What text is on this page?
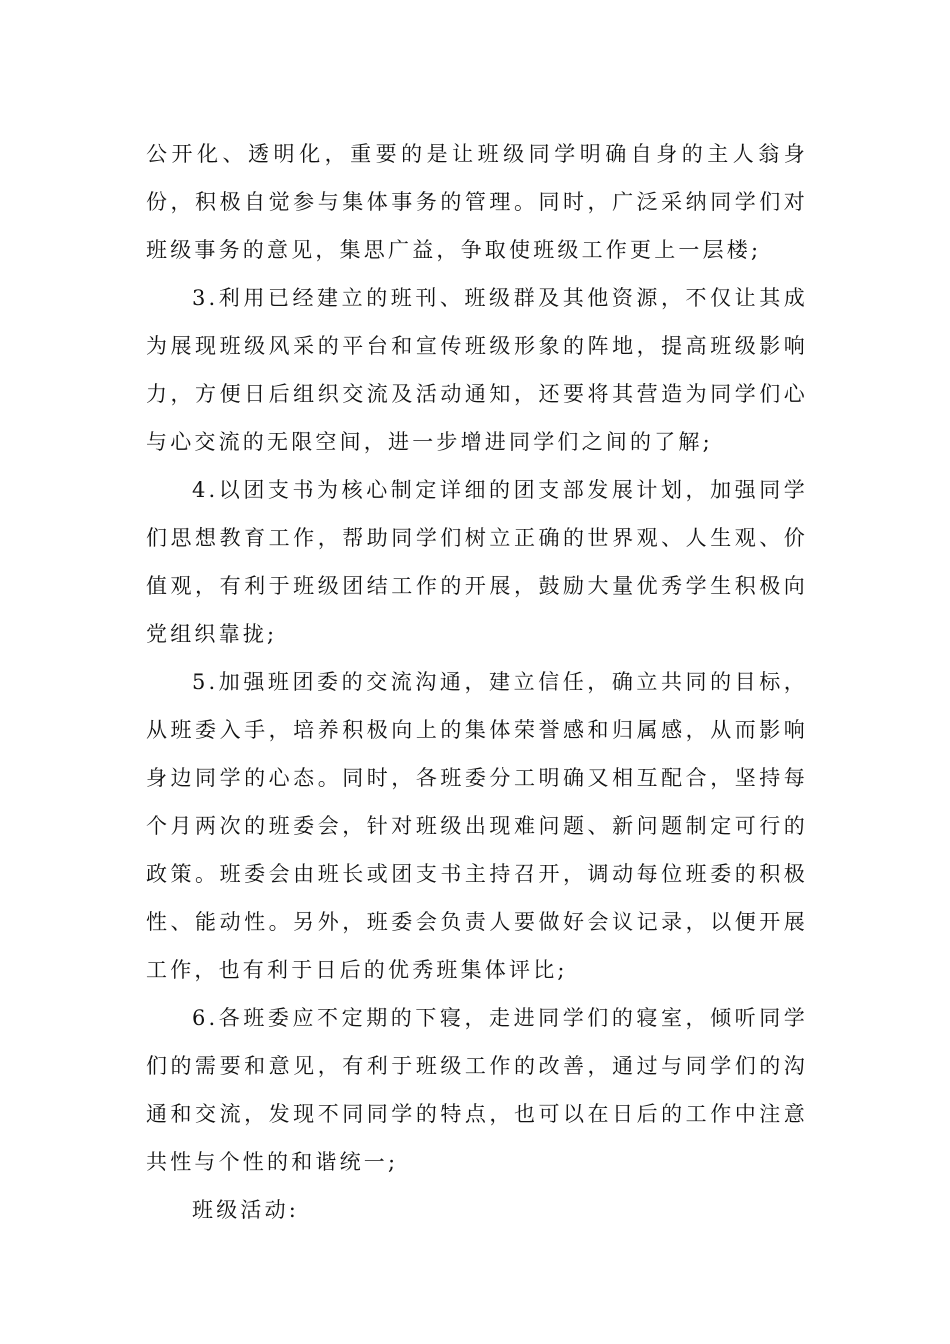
公开化、透明化，重要的是让班级同学明确自身的主人翁身份，积极自觉参与集体事务的管理。同时，广泛采纳同学们对班级事务的意见，集思广益，争取使班级工作更上一层楼;

3.利用已经建立的班刊、班级群及其他资源，不仅让其成为展现班级风采的平台和宣传班级形象的阵地，提高班级影响力，方便日后组织交流及活动通知，还要将其营造为同学们心与心交流的无限空间，进一步增进同学们之间的了解;

4.以团支书为核心制定详细的团支部发展计划，加强同学们思想教育工作，帮助同学们树立正确的世界观、人生观、价值观，有利于班级团结工作的开展，鼓励大量优秀学生积极向党组织靠拢;

5.加强班团委的交流沟通，建立信任，确立共同的目标，从班委入手，培养积极向上的集体荣誉感和归属感，从而影响身边同学的心态。同时，各班委分工明确又相互配合，坚持每个月两次的班委会，针对班级出现难问题、新问题制定可行的政策。班委会由班长或团支书主持召开，调动每位班委的积极性、能动性。另外，班委会负责人要做好会议记录，以便开展工作，也有利于日后的优秀班集体评比;

6.各班委应不定期的下寝，走进同学们的寝室，倾听同学们的需要和意见，有利于班级工作的改善，通过与同学们的沟通和交流，发现不同同学的特点，也可以在日后的工作中注意共性与个性的和谐统一;

班级活动:
